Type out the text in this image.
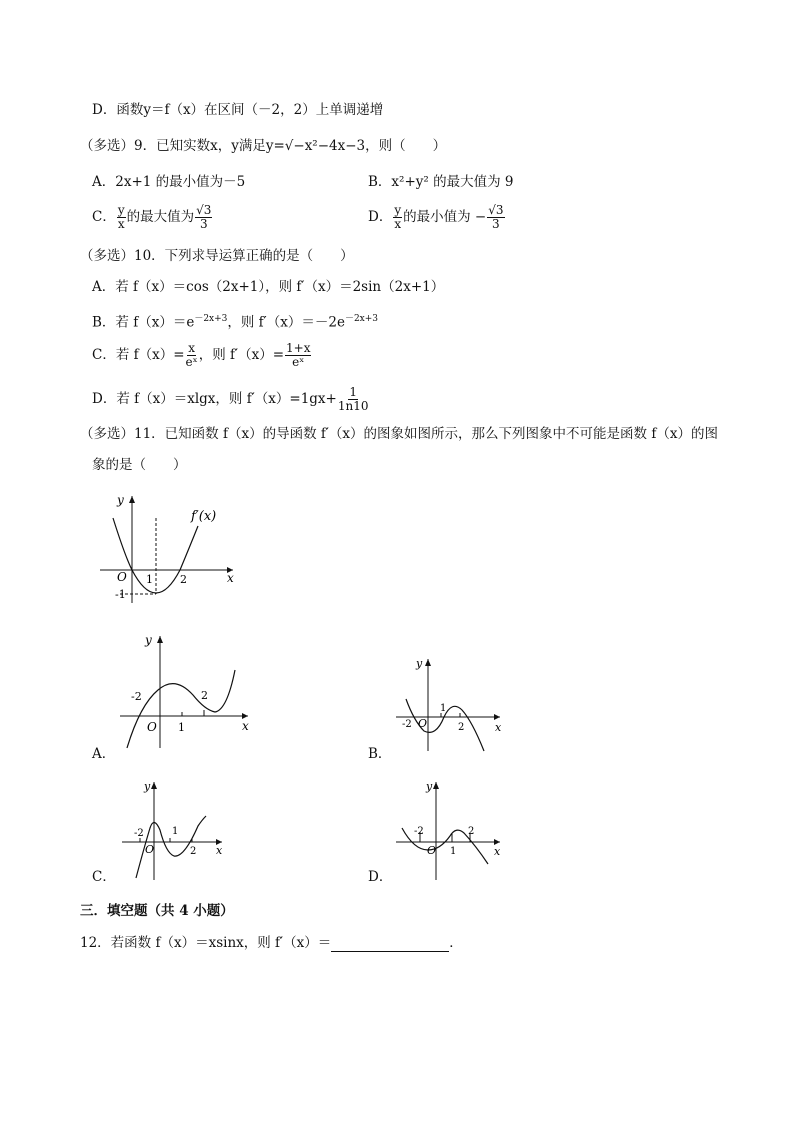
D．函数y＝f（x）在区间（－2，2）上单调递增
（多选）9．已知实数x，y满足y=√−x²−4x−3，则（　　）
A．2x+1 的最小值为－5	B．x²+y² 的最大值为 9
C． $\frac{y}{x}$ 的最大值为 $\frac{√3}{3}$	D． $\frac{y}{x}$ 的最小值为 − $\frac{√3}{3}$
（多选）10．下列求导运算正确的是（　　）
A．若 f（x）＝cos（2x+1），则 f′（x）＝2sin（2x+1）
B．若 $f(x)=e^{-2x+3}$，则 $f'(x)=-2e^{-2x+3}$
C．若 $f(x)= \frac{x}{\text{eˣ}}$ ，则 $f'(x)= \frac{1+x}{\text{eˣ}}$
D．若 f（x）＝xlgx，则 $f'(x)=1gx+ \frac{1}{1n10}$
（多选）11．已知函数 f（x）的导函数 f′（x）的图象如图所示，那么下列图象中不可能是函数 f（x）的图
象的是（　　）
y
x
O 1 2
-1
f′(x)
y
x
O 1
2
-2
A．
y
x
O
1
2
-2
B．
y
x
O
1
2
-2
C．
y
x
O 1
2
-2
D．
三．填空题（共 4 小题）
12．若函数 f（x）＝xsinx，则 f′（x）＝	．
